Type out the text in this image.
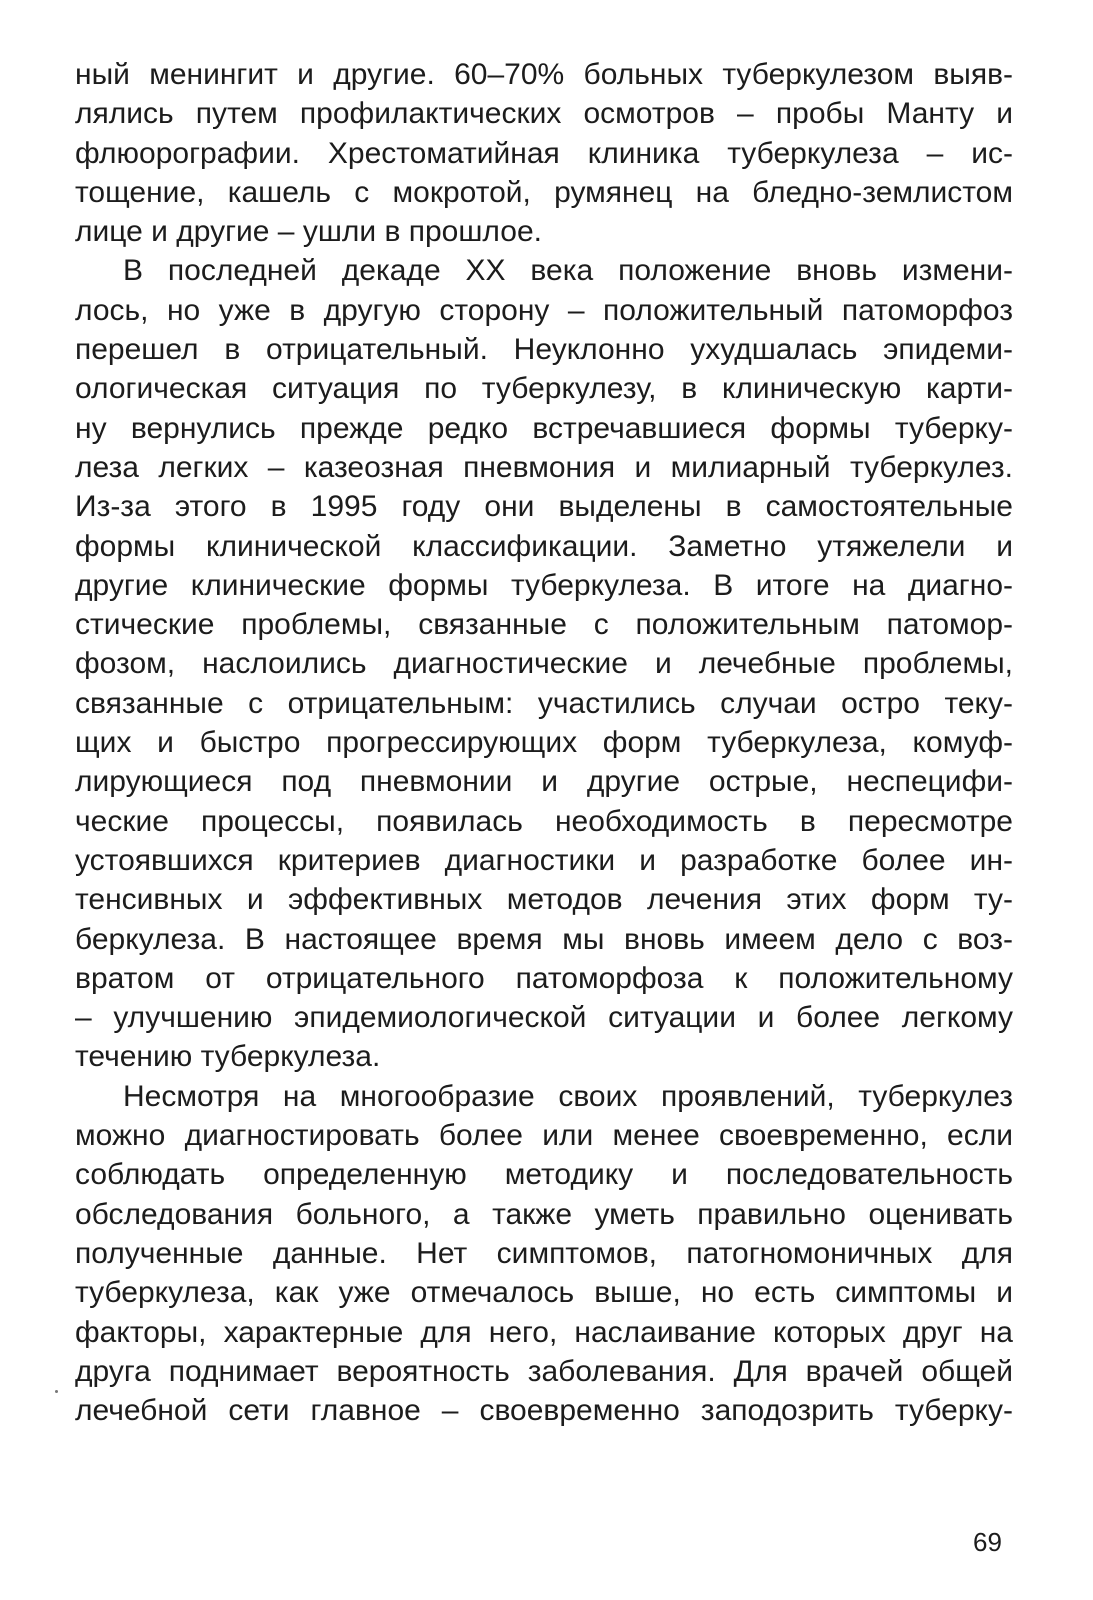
ный менингит и другие. 60–70% больных туберкулезом выяв-
лялись путем профилактических осмотров – пробы Манту и
флюорографии. Хрестоматийная клиника туберкулеза – ис-
тощение, кашель с мокротой, румянец на бледно-землистом
лице и другие – ушли в прошлое.
В последней декаде XX века положение вновь измени-
лось, но уже в другую сторону – положительный патоморфоз
перешел в отрицательный. Неуклонно ухудшалась эпидеми-
ологическая ситуация по туберкулезу, в клиническую карти-
ну вернулись прежде редко встречавшиеся формы туберку-
леза легких – казеозная пневмония и милиарный туберкулез.
Из-за этого в 1995 году они выделены в самостоятельные
формы клинической классификации. Заметно утяжелели и
другие клинические формы туберкулеза. В итоге на диагно-
стические проблемы, связанные с положительным патомор-
фозом, наслоились диагностические и лечебные проблемы,
связанные с отрицательным: участились случаи остро теку-
щих и быстро прогрессирующих форм туберкулеза, комуф-
лирующиеся под пневмонии и другие острые, неспецифи-
ческие процессы, появилась необходимость в пересмотре
устоявшихся критериев диагностики и разработке более ин-
тенсивных и эффективных методов лечения этих форм ту-
беркулеза. В настоящее время мы вновь имеем дело с воз-
вратом от отрицательного патоморфоза к положительному
– улучшению эпидемиологической ситуации и более легкому
течению туберкулеза.
Несмотря на многообразие своих проявлений, туберкулез
можно диагностировать более или менее своевременно, если
соблюдать определенную методику и последовательность
обследования больного, а также уметь правильно оценивать
полученные данные. Нет симптомов, патогномоничных для
туберкулеза, как уже отмечалось выше, но есть симптомы и
факторы, характерные для него, наслаивание которых друг на
друга поднимает вероятность заболевания. Для врачей общей
лечебной сети главное – своевременно заподозрить туберку-
69
